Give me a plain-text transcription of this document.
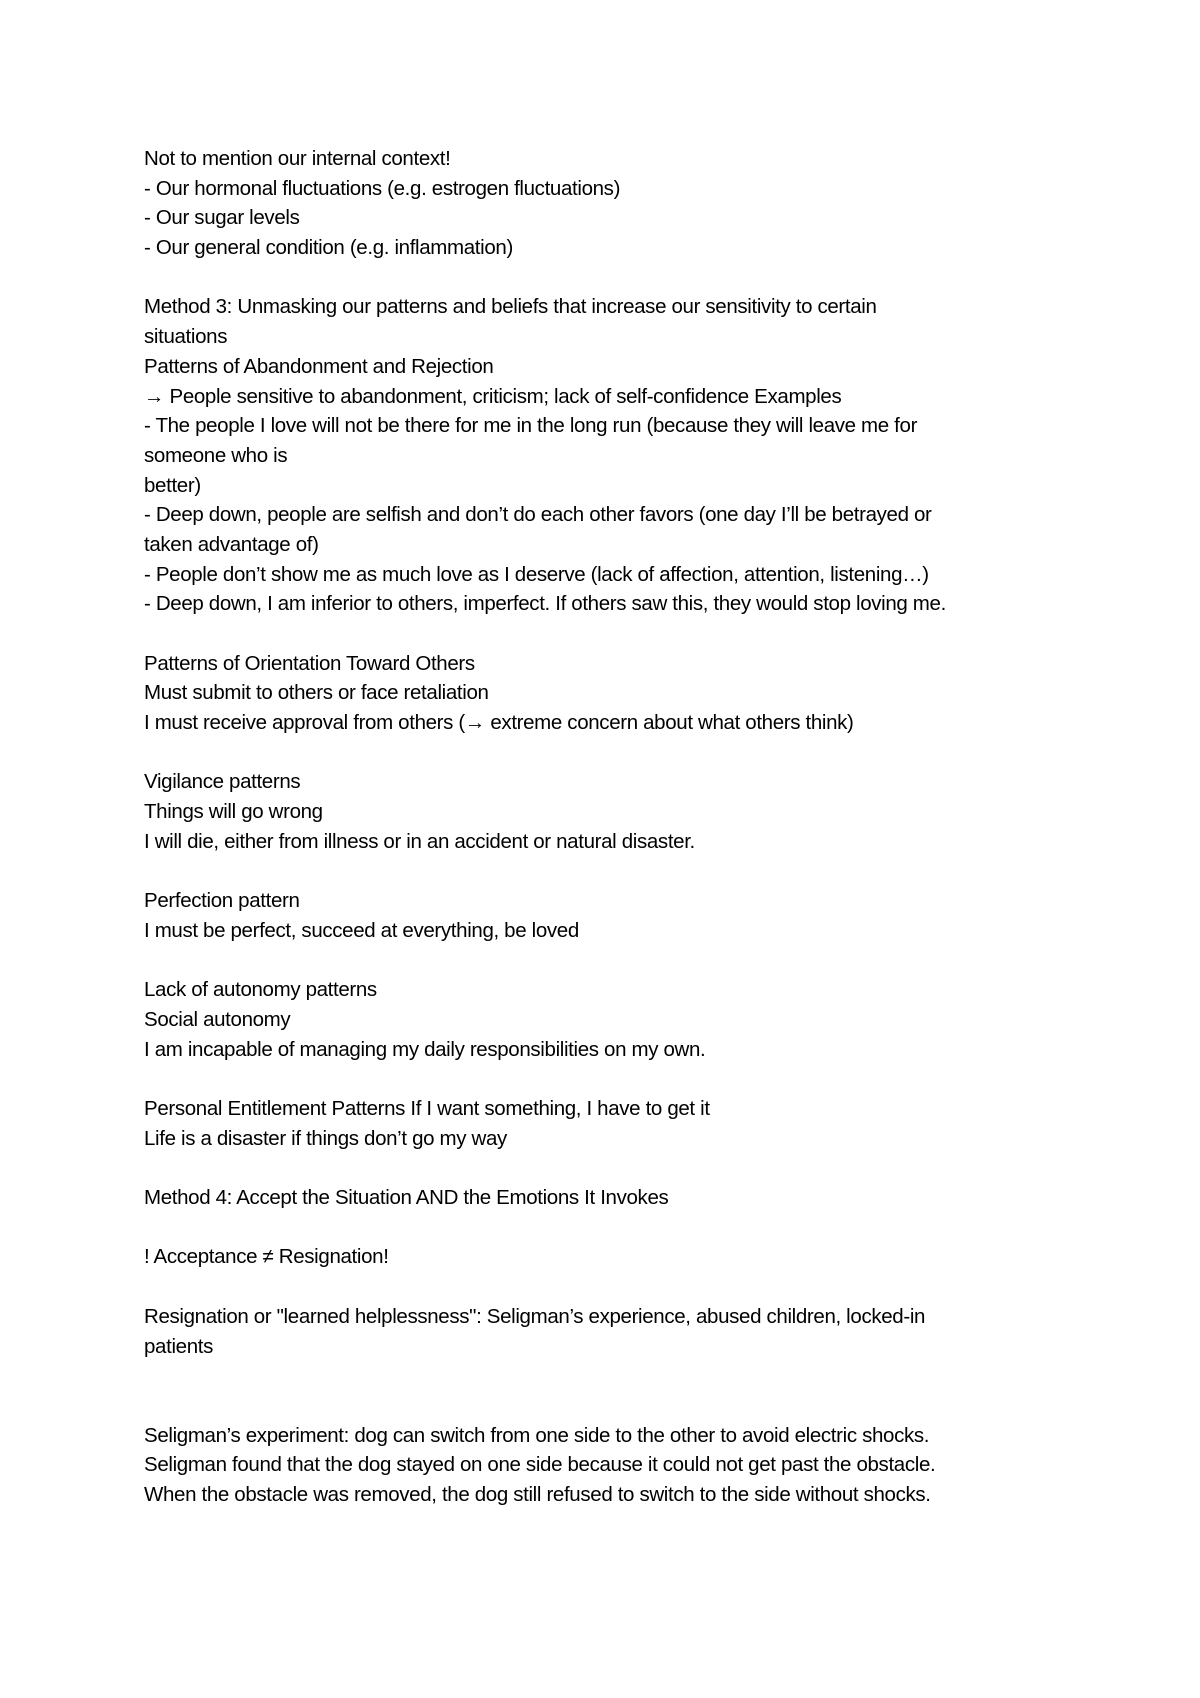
Not to mention our internal context!
- Our hormonal fluctuations (e.g. estrogen fluctuations)
- Our sugar levels
- Our general condition (e.g. inflammation)
Method 3: Unmasking our patterns and beliefs that increase our sensitivity to certain
situations
Patterns of Abandonment and Rejection
→ People sensitive to abandonment, criticism; lack of self-confidence Examples
- The people I love will not be there for me in the long run (because they will leave me for
someone who is
better)
- Deep down, people are selfish and don’t do each other favors (one day I’ll be betrayed or
taken advantage of)
- People don’t show me as much love as I deserve (lack of affection, attention, listening…)
- Deep down, I am inferior to others, imperfect. If others saw this, they would stop loving me.
Patterns of Orientation Toward Others
Must submit to others or face retaliation
I must receive approval from others (→ extreme concern about what others think)
Vigilance patterns
Things will go wrong
I will die, either from illness or in an accident or natural disaster.
Perfection pattern
I must be perfect, succeed at everything, be loved
Lack of autonomy patterns
Social autonomy
I am incapable of managing my daily responsibilities on my own.
Personal Entitlement Patterns If I want something, I have to get it
Life is a disaster if things don’t go my way
Method 4: Accept the Situation AND the Emotions It Invokes
! Acceptance ≠ Resignation!
Resignation or "learned helplessness": Seligman’s experience, abused children, locked-in
patients
Seligman’s experiment: dog can switch from one side to the other to avoid electric shocks.
Seligman found that the dog stayed on one side because it could not get past the obstacle.
When the obstacle was removed, the dog still refused to switch to the side without shocks.
